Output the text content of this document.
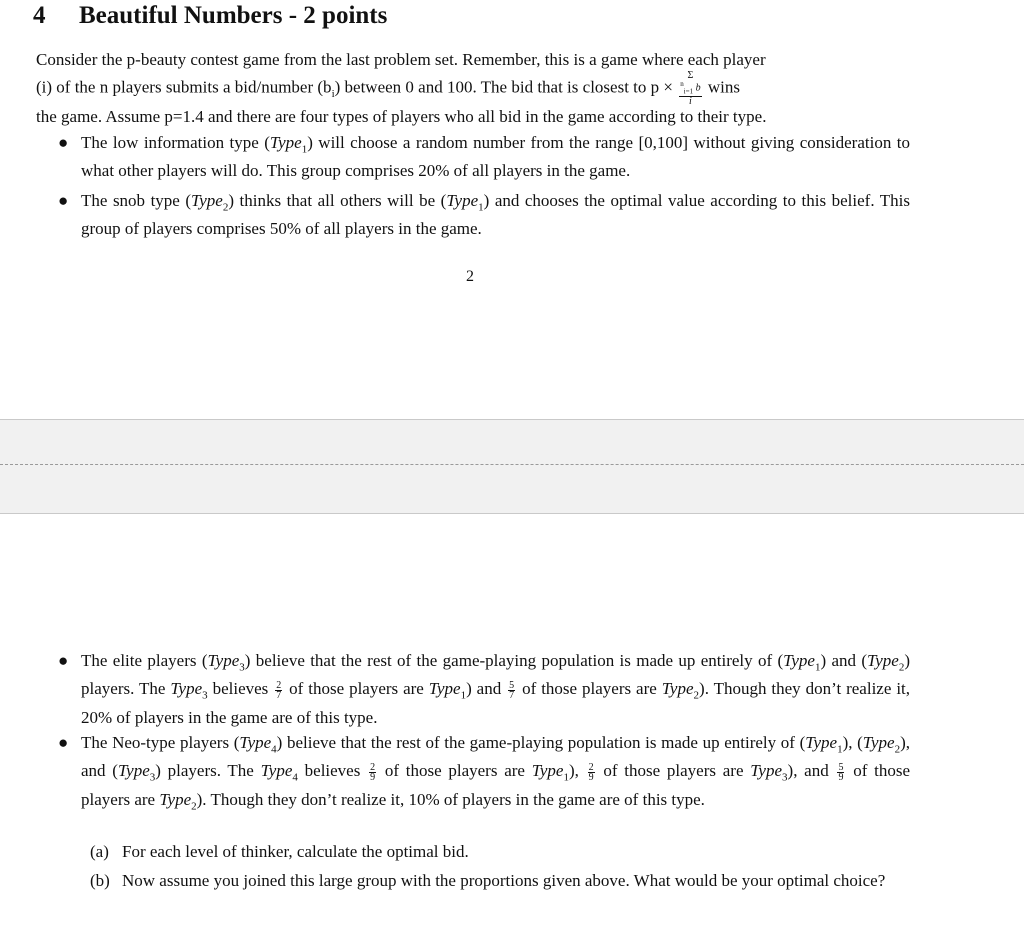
4 Beautiful Numbers - 2 points
Consider the p-beauty contest game from the last problem set. Remember, this is a game where each player
(i) of the n players submits a bid/number $(b_i)$ between 0 and 100. The bid that is closest to p × Σ
$^n_{i=1}$ b
i wins
the game. Assume p=1.4 and there are four types of players who all bid in the game according to their type.
● The low information type (Type$_1$) will choose a random number from the range [0,100] without giving consideration to what other players will do. This group comprises 20% of all players in the game.
● The snob type (Type$_2$) thinks that all others will be (Type$_1$) and chooses the optimal value according to this belief. This group of players comprises 50% of all players in the game.
2
● The elite players (Type$_3$) believe that the rest of the game-playing population is made up entirely of (Type$_1$) and (Type$_2$) players. The Type$_3$ believes $\frac{2}{7}$ of those players are Type$_1$) and $\frac{5}{7}$ of those players are Type$_2$). Though they don’t realize it, 20% of players in the game are of this type.
● The Neo-type players (Type$_4$) believe that the rest of the game-playing population is made up entirely of (Type$_1$), (Type$_2$), and (Type$_3$) players. The Type$_4$ believes $\frac{2}{9}$ of those players are Type$_1$), $\frac{2}{9}$ of those players are Type$_3$), and $\frac{5}{9}$ of those players are Type$_2$). Though they don’t realize it, 10% of players in the game are of this type.
(a) For each level of thinker, calculate the optimal bid.
(b) Now assume you joined this large group with the proportions given above. What would be your optimal choice?
